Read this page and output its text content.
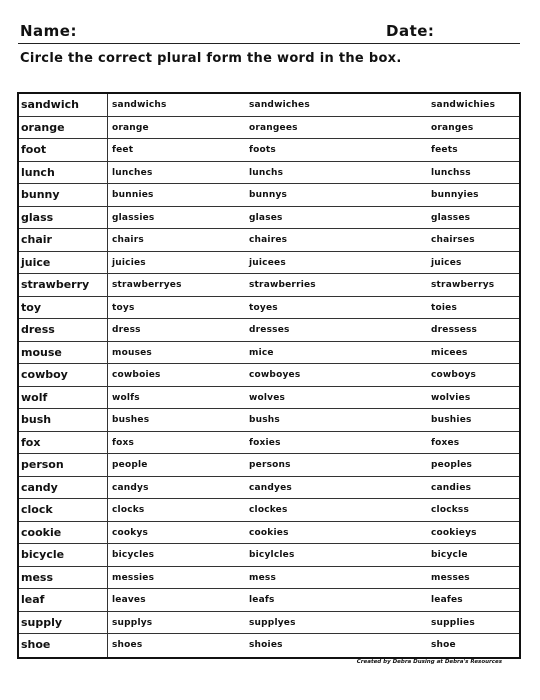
Name:	Date:
Circle the correct plural form the word in the box.
sandwich	sandwichs	sandwiches	sandwichies
orange	orange	orangees	oranges
foot	feet	foots	feets
lunch	lunches	lunchs	lunchss
bunny	bunnies	bunnys	bunnyies
glass	glassies	glases	glasses
chair	chairs	chaires	chairses
juice	juicies	juicees	juices
strawberry	strawberryes	strawberries	strawberrys
toy	toys	toyes	toies
dress	dress	dresses	dressess
mouse	mouses	mice	micees
cowboy	cowboies	cowboyes	cowboys
wolf	wolfs	wolves	wolvies
bush	bushes	bushs	bushies
fox	foxs	foxies	foxes
person	people	persons	peoples
candy	candys	candyes	candies
clock	clocks	clockes	clockss
cookie	cookys	cookies	cookieys
bicycle	bicycles	bicylcles	bicycle
mess	messies	mess	messes
leaf	leaves	leafs	leafes
supply	supplys	supplyes	supplies
shoe	shoes	shoies	shoe
Created by Debra Dusing at Debra's Resources
